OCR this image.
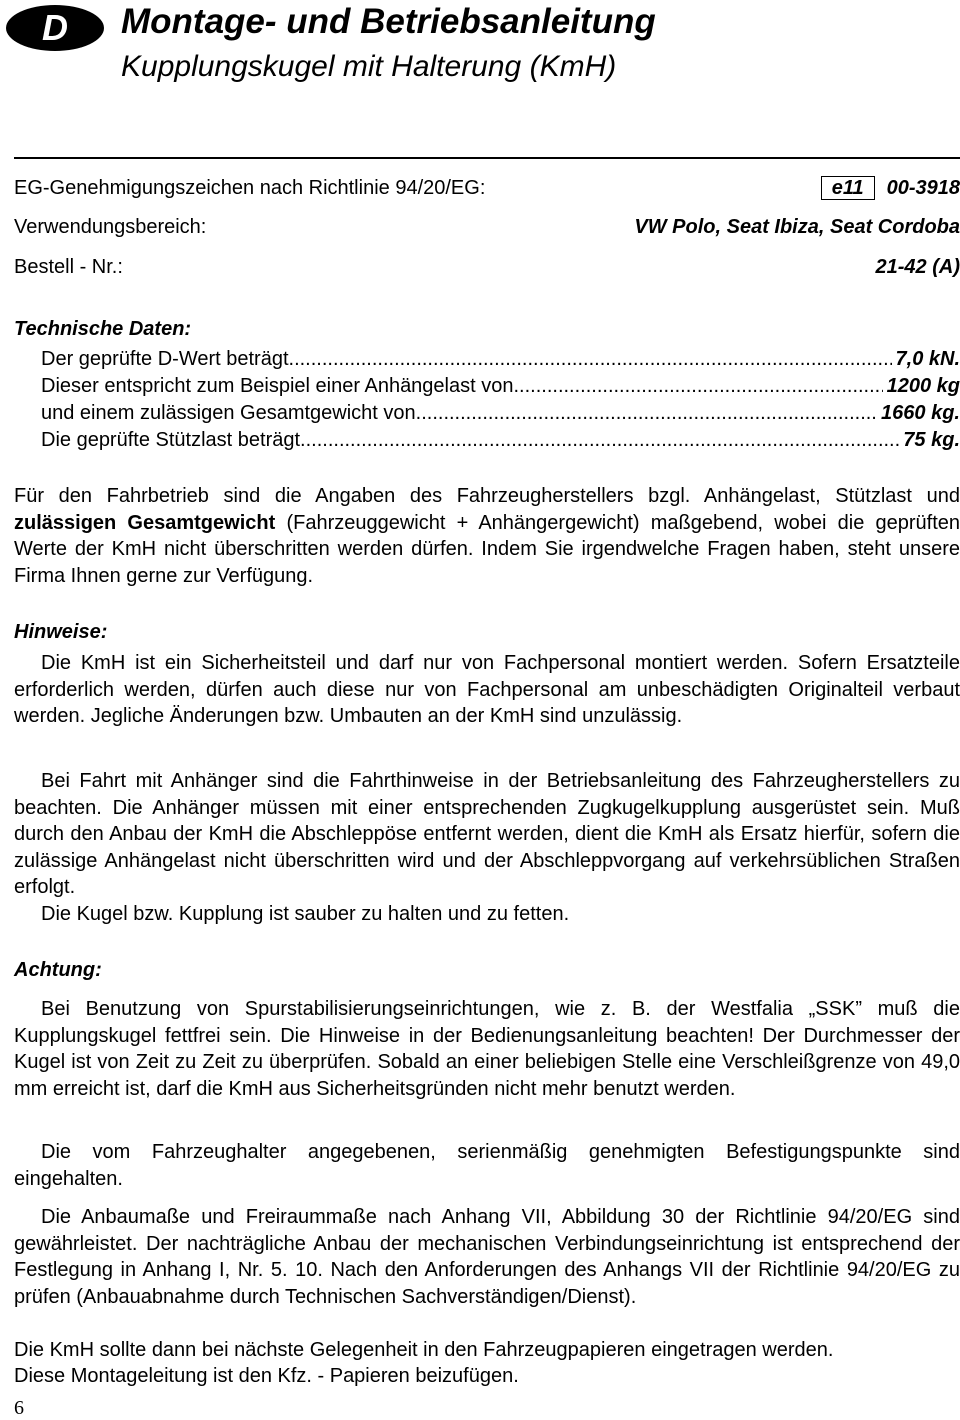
D	Montage- und Betriebsanleitung
Kupplungskugel mit Halterung (KmH)
EG-Genehmigungszeichen nach Richtlinie 94/20/EG:	e11 00-3918
Verwendungsbereich:	VW Polo, Seat Ibiza, Seat Cordoba
Bestell - Nr.:	21-42 (A)
Technische Daten:
Der geprüfte D-Wert beträgt .....	7,0 kN.
Dieser entspricht zum Beispiel einer Anhängelast von .....	1200 kg
und einem zulässigen Gesamtgewicht von .....	1660 kg.
Die geprüfte Stützlast beträgt .....	75 kg.

Für den Fahrbetrieb sind die Angaben des Fahrzeugherstellers bzgl. Anhängelast, Stützlast und zulässigen Gesamtgewicht (Fahrzeuggewicht + Anhängergewicht) maßgebend, wobei die geprüften Werte der KmH nicht überschritten werden dürfen. Indem Sie irgendwelche Fragen haben, steht unsere Firma Ihnen gerne zur Verfügung.

Hinweise:

Die KmH ist ein Sicherheitsteil und darf nur von Fachpersonal montiert werden. Sofern Ersatzteile erforderlich werden, dürfen auch diese nur von Fachpersonal am unbeschädigten Originalteil verbaut werden. Jegliche Änderungen bzw. Umbauten an der KmH sind unzulässig.

Bei Fahrt mit Anhänger sind die Fahrthinweise in der Betriebsanleitung des Fahrzeugherstellers zu beachten. Die Anhänger müssen mit einer entsprechenden Zugkugelkupplung ausgerüstet sein. Muß durch den Anbau der KmH die Abschleppöse entfernt werden, dient die KmH als Ersatz hierfür, sofern die zulässige Anhängelast nicht überschritten wird und der Abschleppvorgang auf verkehrsüblichen Straßen erfolgt.

Die Kugel bzw. Kupplung ist sauber zu halten und zu fetten.

Achtung:

Bei Benutzung von Spurstabilisierungseinrichtungen, wie z. B. der Westfalia „SSK” muß die Kupplungskugel fettfrei sein. Die Hinweise in der Bedienungsanleitung beachten! Der Durchmesser der Kugel ist von Zeit zu Zeit zu überprüfen. Sobald an einer beliebigen Stelle eine Verschleißgrenze von 49,0 mm erreicht ist, darf die KmH aus Sicherheitsgründen nicht mehr benutzt werden.

Die vom Fahrzeughalter angegebenen, serienmäßig genehmigten Befestigungspunkte sind eingehalten.

Die Anbaumaße und Freiraummaße nach Anhang VII, Abbildung 30 der Richtlinie 94/20/EG sind gewährleistet. Der nachträgliche Anbau der mechanischen Verbindungseinrichtung ist entsprechend der Festlegung in Anhang I, Nr. 5. 10. Nach den Anforderungen des Anhangs VII der Richtlinie 94/20/EG zu prüfen (Anbauabnahme durch Technischen Sachverständigen/Dienst).

Die KmH sollte dann bei nächste Gelegenheit in den Fahrzeugpapieren eingetragen werden.

Diese Montageleitung ist den Kfz. - Papieren beizufügen.

6
